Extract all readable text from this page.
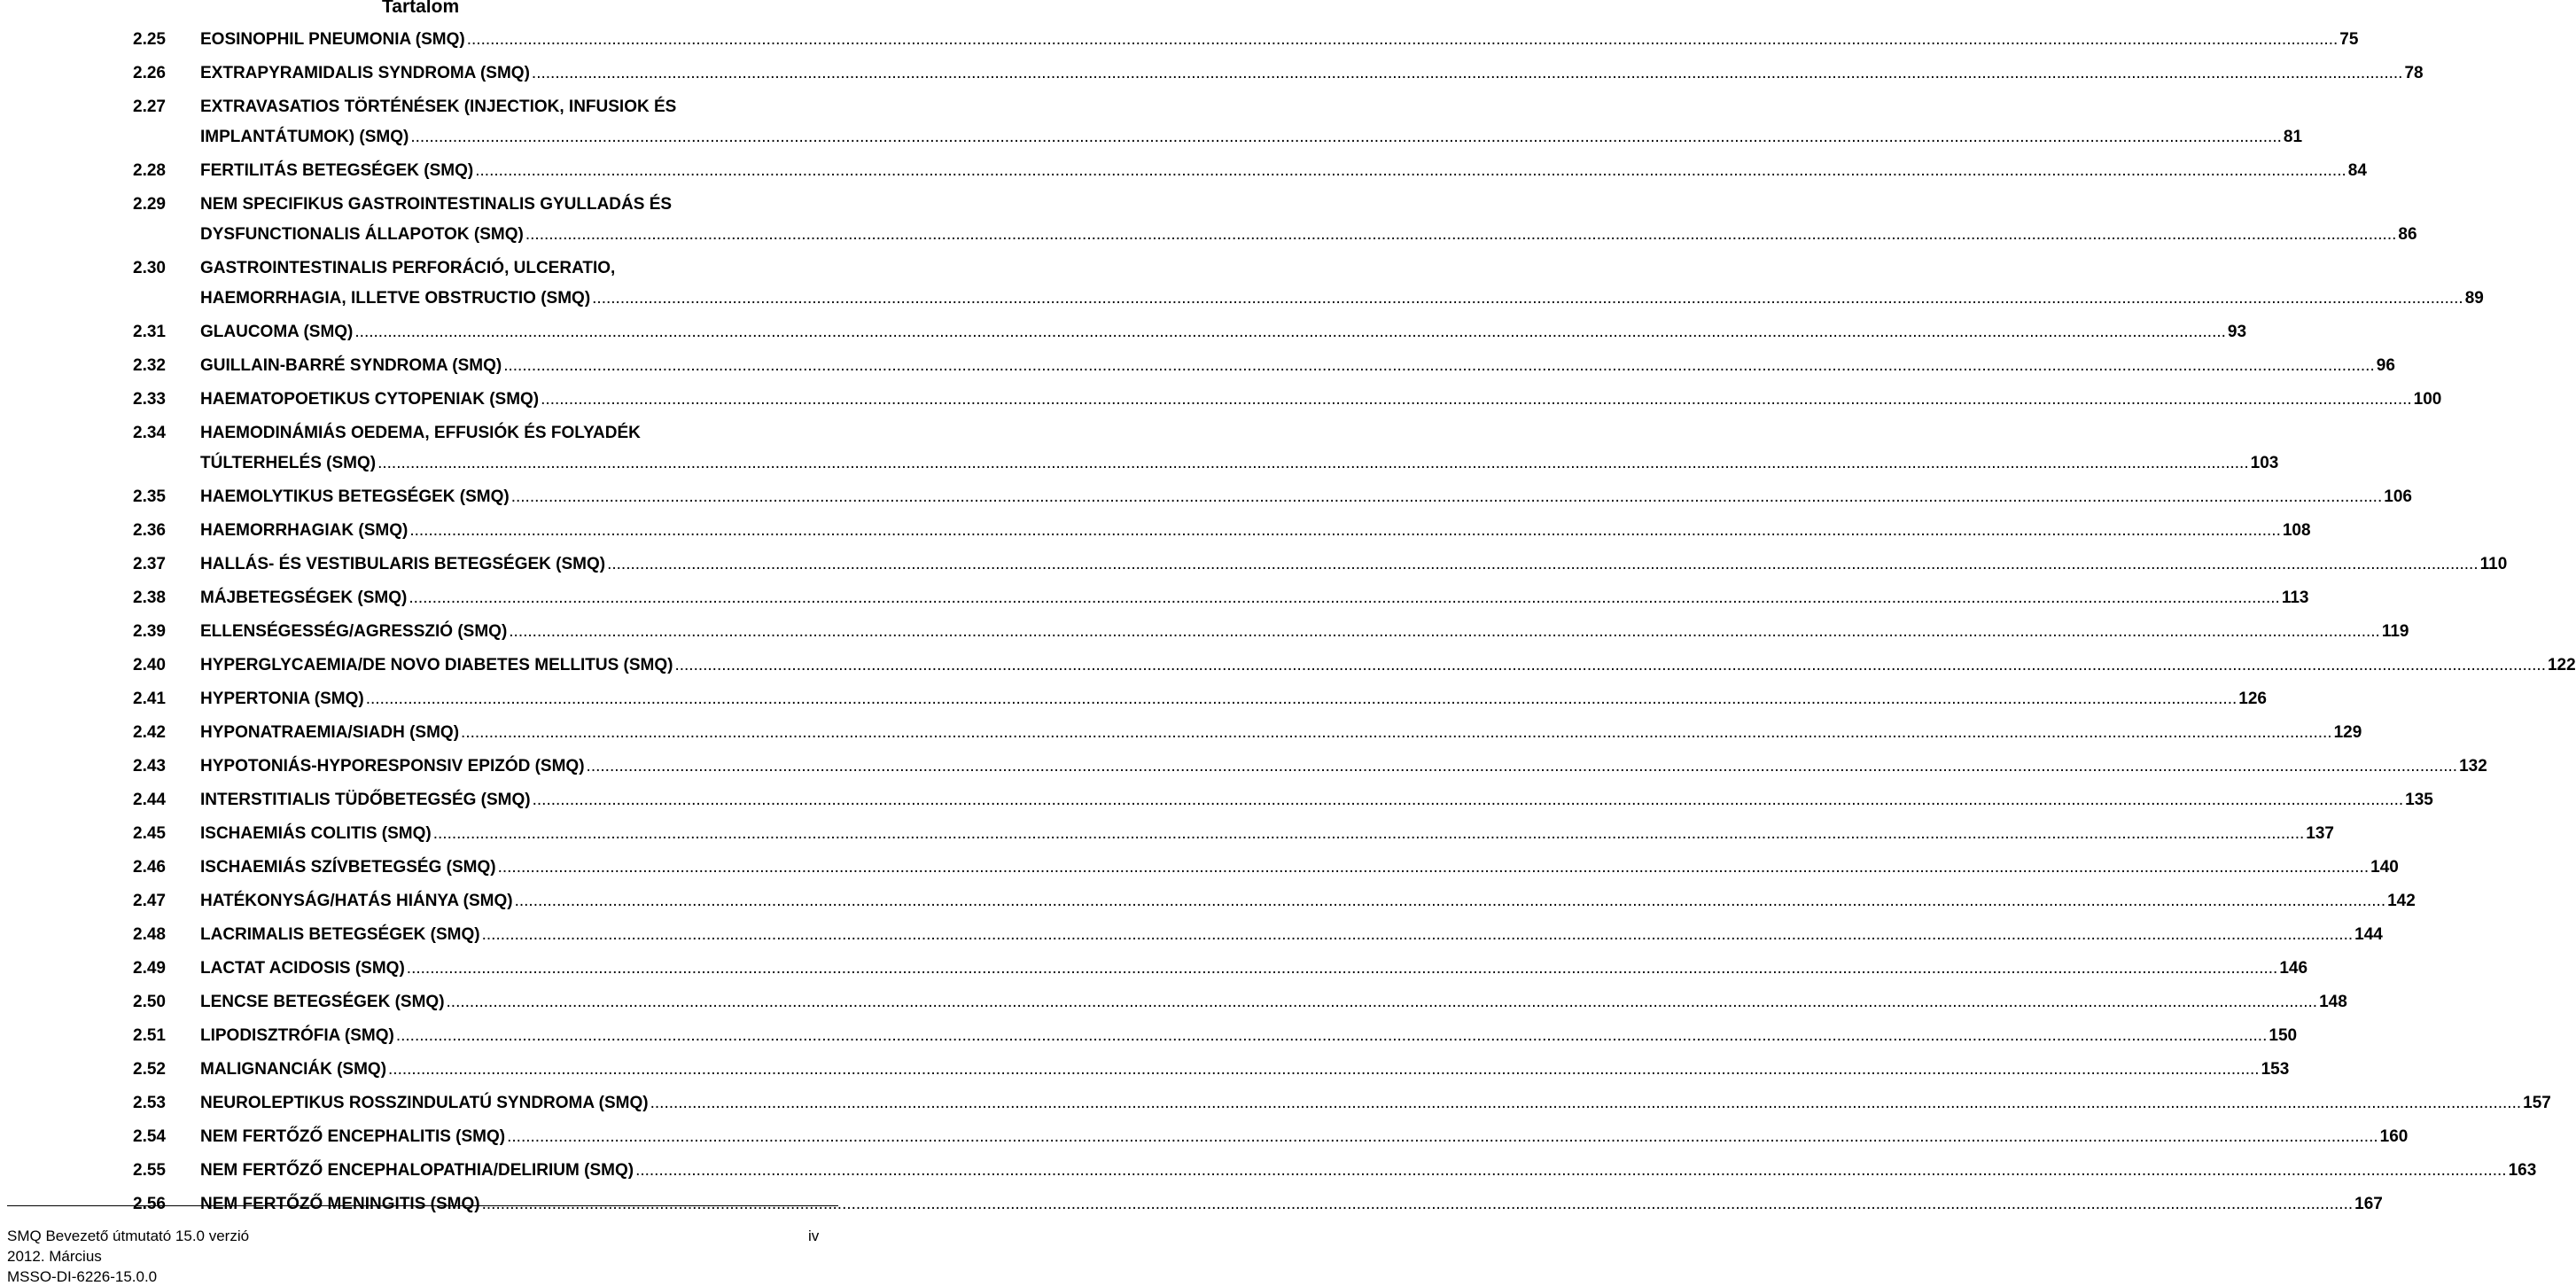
Tartalom
2.25 EOSINOPHIL PNEUMONIA (SMQ) ................................................................................................................................................................................................................................................................................................................................................................................................................ 75
2.26 EXTRAPYRAMIDALIS SYNDROMA (SMQ) ................................................................................................................................................................................................................................................................................................................................................................................................................ 78
2.27 EXTRAVASATIOS TÖRTÉNÉSEK (INJECTIOK, INFUSIOK ÉS
IMPLANTÁTUMOK) (SMQ) ................................................................................................................................................................................................................................................................................................................................................................................................................ 81
2.28 FERTILITÁS BETEGSÉGEK (SMQ) ................................................................................................................................................................................................................................................................................................................................................................................................................ 84
2.29 NEM SPECIFIKUS GASTROINTESTINALIS GYULLADÁS ÉS
DYSFUNCTIONALIS ÁLLAPOTOK (SMQ) ................................................................................................................................................................................................................................................................................................................................................................................................................ 86
2.30 GASTROINTESTINALIS PERFORÁCIÓ, ULCERATIO,
HAEMORRHAGIA, ILLETVE OBSTRUCTIO (SMQ) ................................................................................................................................................................................................................................................................................................................................................................................................................ 89
2.31 GLAUCOMA (SMQ) ................................................................................................................................................................................................................................................................................................................................................................................................................ 93
2.32 GUILLAIN-BARRÉ SYNDROMA (SMQ) ................................................................................................................................................................................................................................................................................................................................................................................................................ 96
2.33 HAEMATOPOETIKUS CYTOPENIAK (SMQ) ................................................................................................................................................................................................................................................................................................................................................................................................................ 100
2.34 HAEMODINÁMIÁS OEDEMA, EFFUSIÓK ÉS FOLYADÉK
TÚLTERHELÉS (SMQ) ................................................................................................................................................................................................................................................................................................................................................................................................................ 103
2.35 HAEMOLYTIKUS BETEGSÉGEK (SMQ) ................................................................................................................................................................................................................................................................................................................................................................................................................ 106
2.36 HAEMORRHAGIAK (SMQ) ................................................................................................................................................................................................................................................................................................................................................................................................................ 108
2.37 HALLÁS- ÉS VESTIBULARIS BETEGSÉGEK (SMQ) ................................................................................................................................................................................................................................................................................................................................................................................................................ 110
2.38 MÁJBETEGSÉGEK (SMQ) ................................................................................................................................................................................................................................................................................................................................................................................................................ 113
2.39 ELLENSÉGESSÉG/AGRESSZIÓ (SMQ) ................................................................................................................................................................................................................................................................................................................................................................................................................ 119
2.40 HYPERGLYCAEMIA/DE NOVO DIABETES MELLITUS (SMQ) ................................................................................................................................................................................................................................................................................................................................................................................................................ 122
2.41 HYPERTONIA (SMQ) ................................................................................................................................................................................................................................................................................................................................................................................................................ 126
2.42 HYPONATRAEMIA/SIADH (SMQ) ................................................................................................................................................................................................................................................................................................................................................................................................................ 129
2.43 HYPOTONIÁS-HYPORESPONSIV EPIZÓD (SMQ) ................................................................................................................................................................................................................................................................................................................................................................................................................ 132
2.44 INTERSTITIALIS TÜDŐBETEGSÉG (SMQ) ................................................................................................................................................................................................................................................................................................................................................................................................................ 135
2.45 ISCHAEMIÁS COLITIS (SMQ) ................................................................................................................................................................................................................................................................................................................................................................................................................ 137
2.46 ISCHAEMIÁS SZÍVBETEGSÉG (SMQ) ................................................................................................................................................................................................................................................................................................................................................................................................................ 140
2.47 HATÉKONYSÁG/HATÁS HIÁNYA (SMQ) ................................................................................................................................................................................................................................................................................................................................................................................................................ 142
2.48 LACRIMALIS BETEGSÉGEK (SMQ) ................................................................................................................................................................................................................................................................................................................................................................................................................ 144
2.49 LACTAT ACIDOSIS (SMQ) ................................................................................................................................................................................................................................................................................................................................................................................................................ 146
2.50 LENCSE BETEGSÉGEK (SMQ) ................................................................................................................................................................................................................................................................................................................................................................................................................ 148
2.51 LIPODISZTRÓFIA (SMQ) ................................................................................................................................................................................................................................................................................................................................................................................................................ 150
2.52 MALIGNANCIÁK (SMQ) ................................................................................................................................................................................................................................................................................................................................................................................................................ 153
2.53 NEUROLEPTIKUS ROSSZINDULATÚ SYNDROMA (SMQ) ................................................................................................................................................................................................................................................................................................................................................................................................................ 157
2.54 NEM FERTŐZŐ ENCEPHALITIS (SMQ) ................................................................................................................................................................................................................................................................................................................................................................................................................ 160
2.55 NEM FERTŐZŐ ENCEPHALOPATHIA/DELIRIUM (SMQ) ................................................................................................................................................................................................................................................................................................................................................................................................................ 163
2.56 NEM FERTŐZŐ MENINGITIS (SMQ) ................................................................................................................................................................................................................................................................................................................................................................................................................ 167
SMQ Bevezető útmutató 15.0 verzió
2012. Március
MSSO-DI-6226-15.0.0
iv
